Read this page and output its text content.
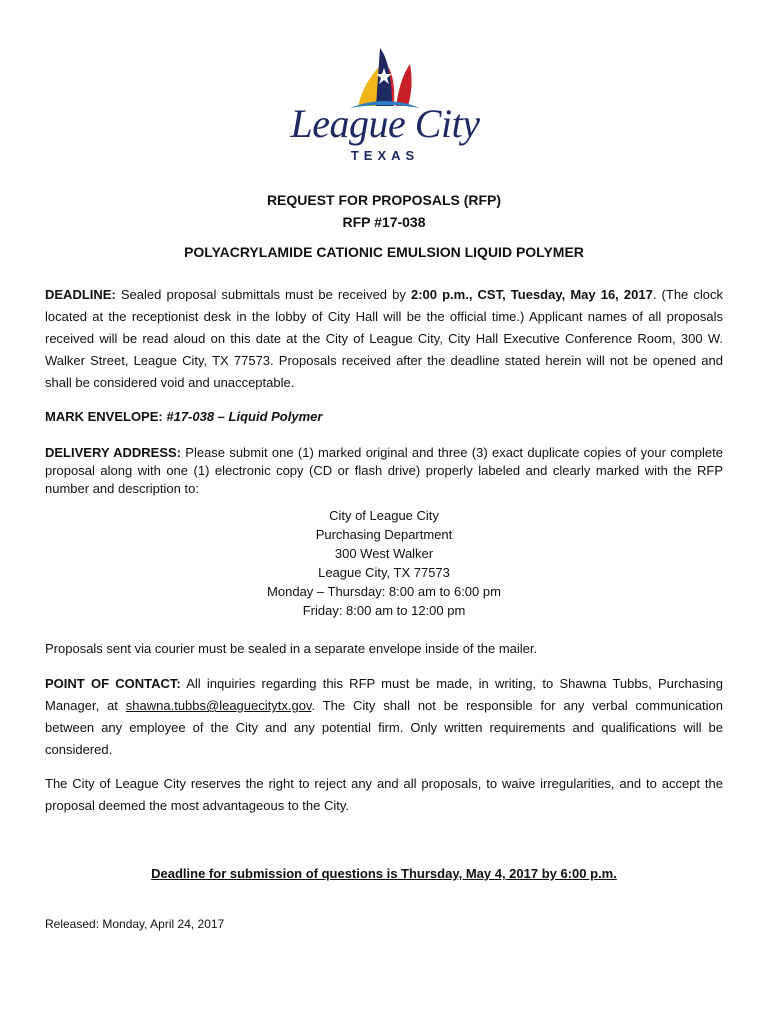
League City
TEXAS
REQUEST FOR PROPOSALS (RFP)
RFP #17-038
POLYACRYLAMIDE CATIONIC EMULSION LIQUID POLYMER
DEADLINE: Sealed proposal submittals must be received by 2:00 p.m., CST, Tuesday, May 16, 2017. (The clock located at the receptionist desk in the lobby of City Hall will be the official time.) Applicant names of all proposals received will be read aloud on this date at the City of League City, City Hall Executive Conference Room, 300 W. Walker Street, League City, TX 77573. Proposals received after the deadline stated herein will not be opened and shall be considered void and unacceptable.
MARK ENVELOPE: #17-038 – Liquid Polymer
DELIVERY ADDRESS: Please submit one (1) marked original and three (3) exact duplicate copies of your complete proposal along with one (1) electronic copy (CD or flash drive) properly labeled and clearly marked with the RFP number and description to:
City of League City
Purchasing Department
300 West Walker
League City, TX 77573
Monday – Thursday: 8:00 am to 6:00 pm
Friday: 8:00 am to 12:00 pm
Proposals sent via courier must be sealed in a separate envelope inside of the mailer.
POINT OF CONTACT: All inquiries regarding this RFP must be made, in writing, to Shawna Tubbs, Purchasing Manager, at shawna.tubbs@leaguecitytx.gov. The City shall not be responsible for any verbal communication between any employee of the City and any potential firm. Only written requirements and qualifications will be considered.
The City of League City reserves the right to reject any and all proposals, to waive irregularities, and to accept the proposal deemed the most advantageous to the City.
Deadline for submission of questions is Thursday, May 4, 2017 by 6:00 p.m.
Released: Monday, April 24, 2017
